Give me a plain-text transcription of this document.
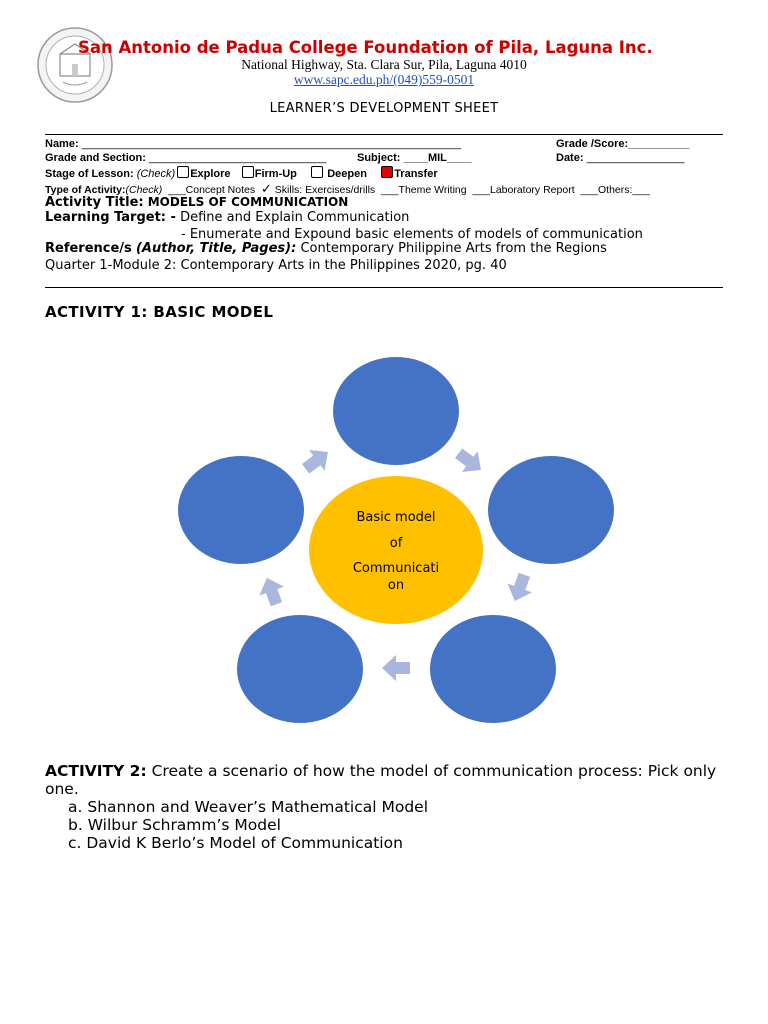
San Antonio de Padua College Foundation of Pila, Laguna Inc.
National Highway, Sta. Clara Sur, Pila, Laguna 4010
www.sapc.edu.ph/(049)559-0501
LEARNER’S DEVELOPMENT SHEET
Name: ______________________________________________________________	Grade /Score:__________
Grade and Section: _____________________________	Subject: ____MIL____	Date: ________________
Stage of Lesson: (Check) Explore Firm-Up	Deepen Transfer
Type of Activity:(Check) ___Concept Notes ✓ Skills: Exercises/drills ___Theme Writing ___Laboratory Report ___Others:___
Activity Title: MODELS OF COMMUNICATION
Learning Target: - Define and Explain Communication
- Enumerate and Expound basic elements of models of communication
Reference/s (Author, Title, Pages): Contemporary Philippine Arts from the Regions
Quarter 1-Module 2: Contemporary Arts in the Philippines 2020, pg. 40
ACTIVITY 1: BASIC MODEL
Basic model
of
Communicati
on
ACTIVITY 2: Create a scenario of how the model of communication process: Pick only one.
a. Shannon and Weaver’s Mathematical Model
b. Wilbur Schramm’s Model
c. David K Berlo’s Model of Communication
